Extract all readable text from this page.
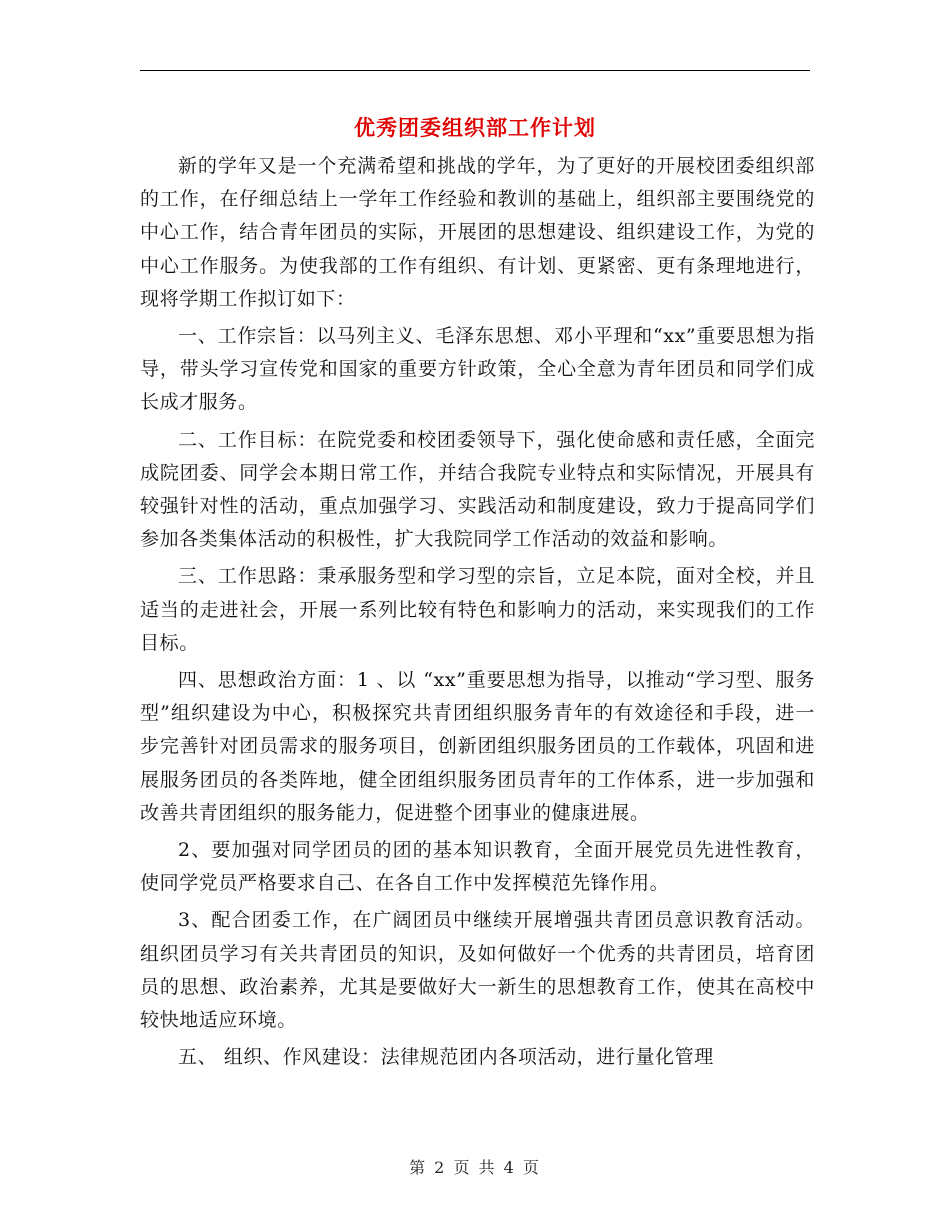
优秀团委组织部工作计划

新的学年又是一个充满希望和挑战的学年，为了更好的开展校团委组织部的工作，在仔细总结上一学年工作经验和教训的基础上，组织部主要围绕党的中心工作，结合青年团员的实际，开展团的思想建设、组织建设工作，为党的中心工作服务。为使我部的工作有组织、有计划、更紧密、更有条理地进行，现将学期工作拟订如下：

一、工作宗旨：以马列主义、毛泽东思想、邓小平理和“xx”重要思想为指导，带头学习宣传党和国家的重要方针政策，全心全意为青年团员和同学们成长成才服务。

二、工作目标：在院党委和校团委领导下，强化使命感和责任感，全面完成院团委、同学会本期日常工作，并结合我院专业特点和实际情况，开展具有较强针对性的活动，重点加强学习、实践活动和制度建设，致力于提高同学们参加各类集体活动的积极性，扩大我院同学工作活动的效益和影响。

三、工作思路：秉承服务型和学习型的宗旨，立足本院，面对全校，并且适当的走进社会，开展一系列比较有特色和影响力的活动，来实现我们的工作目标。

四、思想政治方面：1 、以 “xx”重要思想为指导，以推动“学习型、服务型”组织建设为中心，积极探究共青团组织服务青年的有效途径和手段，进一步完善针对团员需求的服务项目，创新团组织服务团员的工作载体，巩固和进展服务团员的各类阵地，健全团组织服务团员青年的工作体系，进一步加强和改善共青团组织的服务能力，促进整个团事业的健康进展。

2、要加强对同学团员的团的基本知识教育，全面开展党员先进性教育，使同学党员严格要求自己、在各自工作中发挥模范先锋作用。

3、配合团委工作，在广阔团员中继续开展增强共青团员意识教育活动。组织团员学习有关共青团员的知识，及如何做好一个优秀的共青团员，培育团员的思想、政治素养，尤其是要做好大一新生的思想教育工作，使其在高校中较快地适应环境。

五、 组织、作风建设：法律规范团内各项活动，进行量化管理

第 2 页 共 4 页
